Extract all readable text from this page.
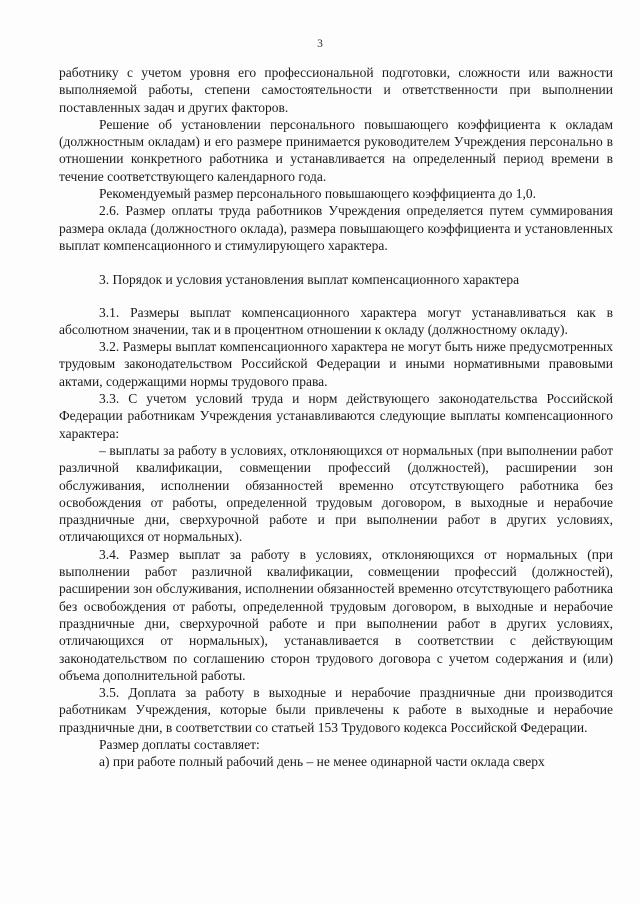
3

работнику с учетом уровня его профессиональной подготовки, сложности или важности выполняемой работы, степени самостоятельности и ответственности при выполнении поставленных задач и других факторов.

Решение об установлении персонального повышающего коэффициента к окладам (должностным окладам) и его размере принимается руководителем Учреждения персонально в отношении конкретного работника и устанавливается на определенный период времени в течение соответствующего календарного года.

Рекомендуемый размер персонального повышающего коэффициента до 1,0.

2.6. Размер оплаты труда работников Учреждения определяется путем суммирования размера оклада (должностного оклада), размера повышающего коэффициента и установленных выплат компенсационного и стимулирующего характера.

3. Порядок и условия установления выплат компенсационного характера

3.1. Размеры выплат компенсационного характера могут устанавливаться как в абсолютном значении, так и в процентном отношении к окладу (должностному окладу).

3.2. Размеры выплат компенсационного характера не могут быть ниже предусмотренных трудовым законодательством Российской Федерации и иными нормативными правовыми актами, содержащими нормы трудового права.

3.3. С учетом условий труда и норм действующего законодательства Российской Федерации работникам Учреждения устанавливаются следующие выплаты компенсационного характера:

– выплаты за работу в условиях, отклоняющихся от нормальных (при выполнении работ различной квалификации, совмещении профессий (должностей), расширении зон обслуживания, исполнении обязанностей временно отсутствующего работника без освобождения от работы, определенной трудовым договором, в выходные и нерабочие праздничные дни, сверхурочной работе и при выполнении работ в других условиях, отличающихся от нормальных).

3.4. Размер выплат за работу в условиях, отклоняющихся от нормальных (при выполнении работ различной квалификации, совмещении профессий (должностей), расширении зон обслуживания, исполнении обязанностей временно отсутствующего работника без освобождения от работы, определенной трудовым договором, в выходные и нерабочие праздничные дни, сверхурочной работе и при выполнении работ в других условиях, отличающихся от нормальных), устанавливается в соответствии с действующим законодательством по соглашению сторон трудового договора с учетом содержания и (или) объема дополнительной работы.

3.5. Доплата за работу в выходные и нерабочие праздничные дни производится работникам Учреждения, которые были привлечены к работе в выходные и нерабочие праздничные дни, в соответствии со статьей 153 Трудового кодекса Российской Федерации.

Размер доплаты составляет:

а) при работе полный рабочий день – не менее одинарной части оклада сверх
